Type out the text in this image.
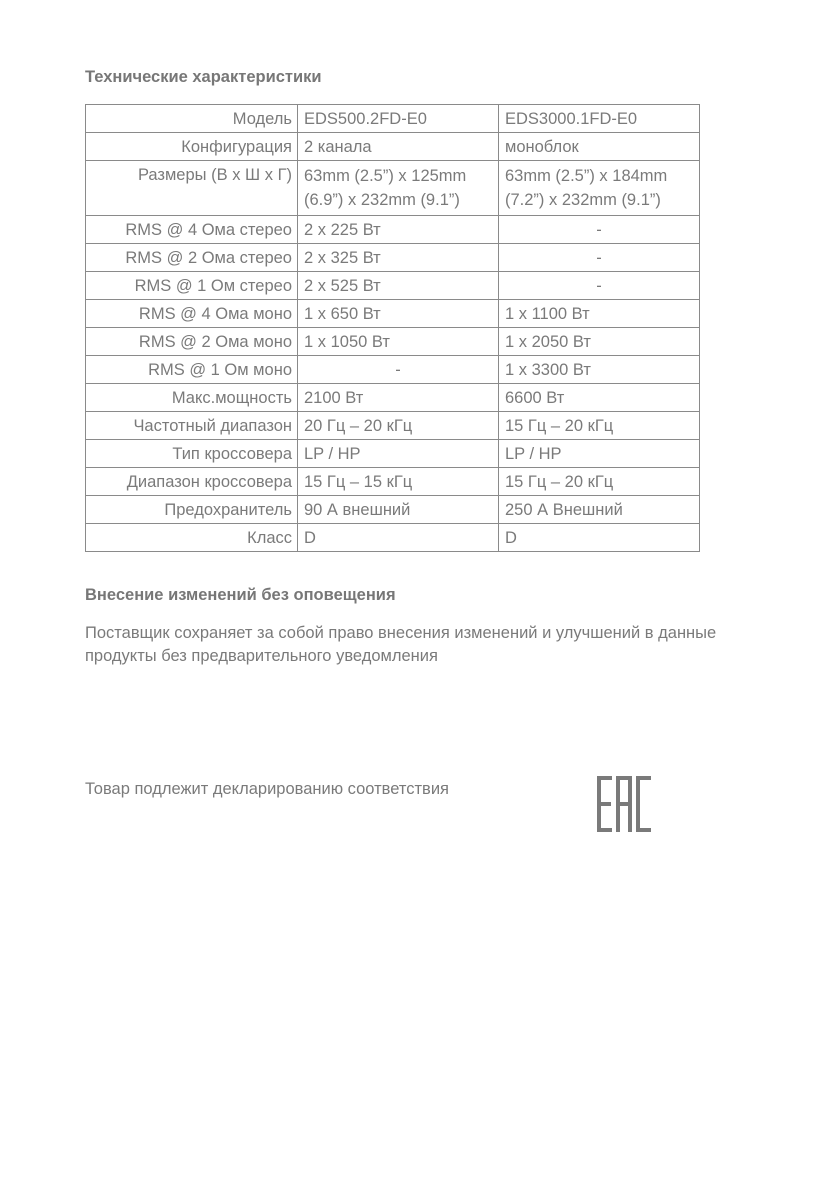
Технические характеристики
Модель	EDS500.2FD-E0	EDS3000.1FD-E0
Конфигурация	2 канала	моноблок
Размеры (В х Ш х Г)	63mm (2.5”) x 125mm (6.9”) x 232mm (9.1”)	63mm (2.5”) x 184mm (7.2”) x 232mm (9.1”)
RMS @ 4 Ома стерео	2 x 225 Вт	-
RMS @ 2 Ома стерео	2 x 325 Вт	-
RMS @ 1 Ом стерео	2 x 525 Вт	-
RMS @ 4 Ома моно	1 x 650 Вт	1 x 1100 Вт
RMS @ 2 Ома моно	1 x 1050 Вт	1 x 2050 Вт
RMS @ 1 Ом моно	-	1 x 3300 Вт
Макс.мощность	2100 Вт	6600 Вт
Частотный диапазон	20 Гц – 20 кГц	15 Гц – 20 кГц
Тип кроссовера	LP / HP	LP / HP
Диапазон кроссовера	15 Гц – 15 кГц	15 Гц – 20 кГц
Предохранитель	90 А внешний	250 А Внешний
Класс	D	D
Внесение изменений без оповещения

Поставщик сохраняет за собой право внесения изменений и улучшений в данные продукты без предварительного уведомления

Товар подлежит декларированию соответствия
